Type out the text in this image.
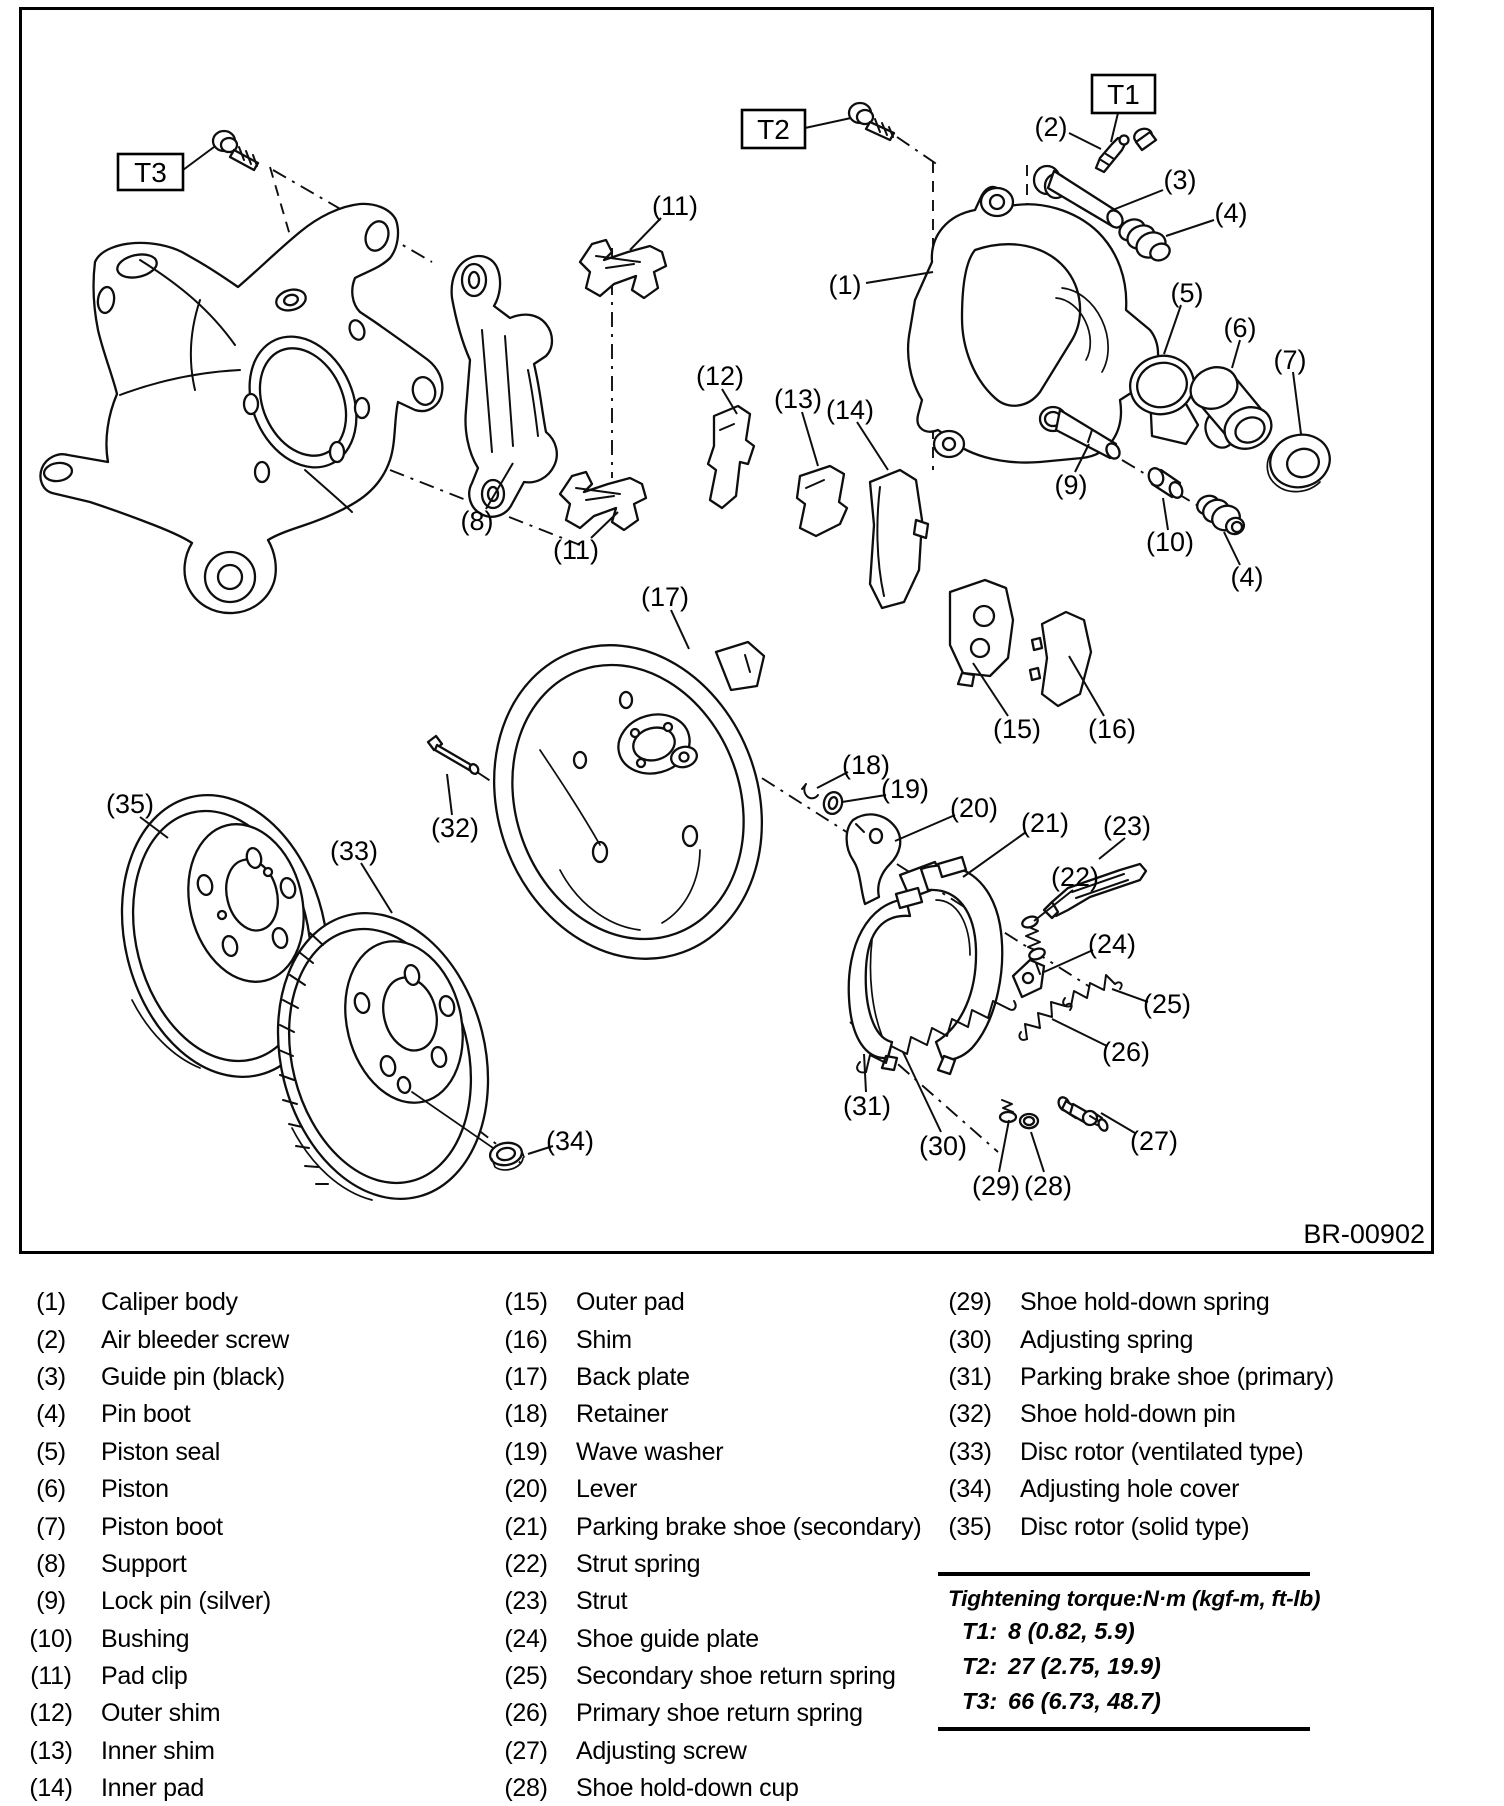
(1)
(2)
(3)
(4)
(5)
(6)
(7)
(8)
(9)
(10)
(4)
(11)
(11)
(12)
(13) (14)
(15) (16)
(17)
(18)
(19)
(20) (21)
(22)
(23)
(24)
(25)
(26)
(27)
(28)
(29)
(30)
(31)
(32)
(33)
(34)
(35)
T3
T2
T1
BR-00902
(1)	Caliper body
(2)	Air bleeder screw
(3)	Guide pin (black)
(4)	Pin boot
(5)	Piston seal
(6)	Piston
(7)	Piston boot
(8)	Support
(9)	Lock pin (silver)
(10) Bushing
(11) Pad clip
(12) Outer shim
(13) Inner shim
(14) Inner pad
(15) Outer pad
(16) Shim
(17) Back plate
(18) Retainer
(19) Wave washer
(20) Lever
(21) Parking brake shoe (secondary)
(22) Strut spring
(23) Strut
(24) Shoe guide plate
(25) Secondary shoe return spring
(26) Primary shoe return spring
(27) Adjusting screw
(28) Shoe hold-down cup
(29) Shoe hold-down spring
(30) Adjusting spring
(31) Parking brake shoe (primary)
(32) Shoe hold-down pin
(33) Disc rotor (ventilated type)
(34) Adjusting hole cover
(35) Disc rotor (solid type)
Tightening torque:N·m (kgf-m, ft-lb)
T1: 8 (0.82, 5.9)
T2: 27 (2.75, 19.9)
T3: 66 (6.73, 48.7)
